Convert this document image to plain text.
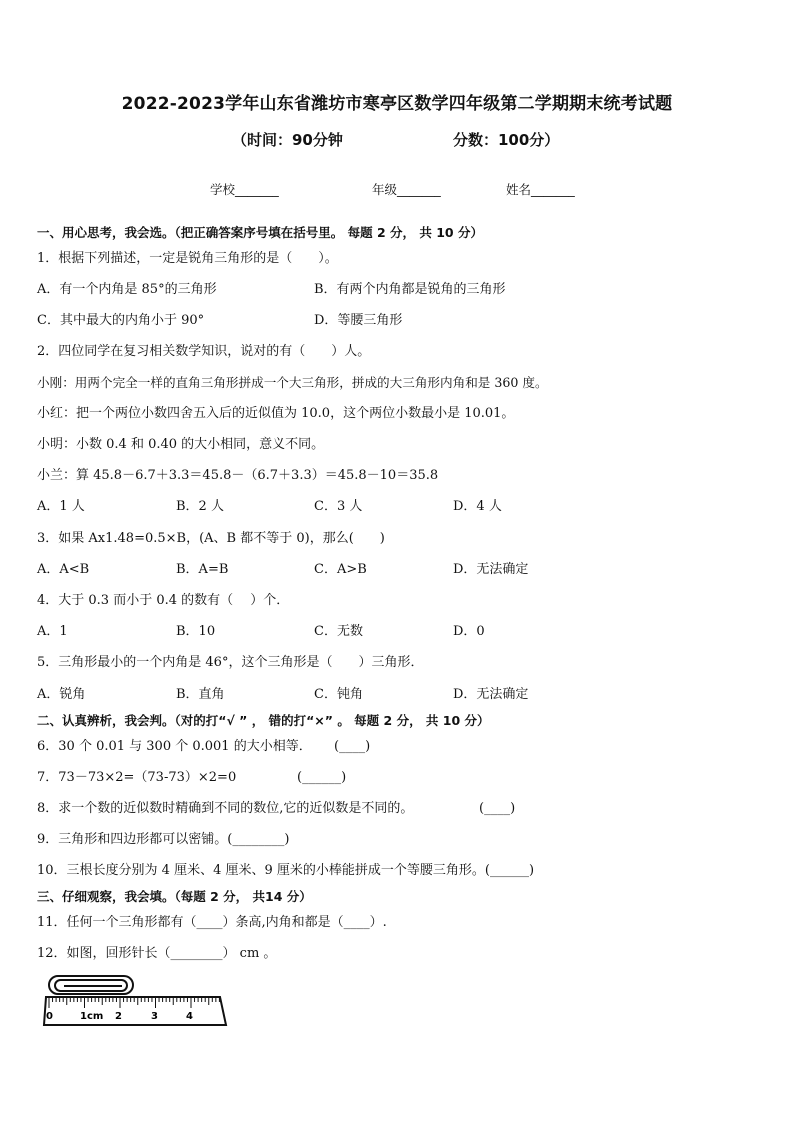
2022-2023学年山东省潍坊市寒亭区数学四年级第二学期期末统考试题
（时间：90分钟	分数：100分）
学校_______	年级_______	姓名_______
一、用心思考，我会选。（把正确答案序号填在括号里。 每题 2 分， 共 10 分）
1．根据下列描述，一定是锐角三角形的是（　　）。
A．有一个内角是 85°的三角形	B．有两个内角都是锐角的三角形
C．其中最大的内角小于 90°	D．等腰三角形
2．四位同学在复习相关数学知识，说对的有（　　）人。
小刚：用两个完全一样的直角三角形拼成一个大三角形，拼成的大三角形内角和是 360 度。
小红：把一个两位小数四舍五入后的近似值为 10.0，这个两位小数最小是 10.01。
小明：小数 0.4 和 0.40 的大小相同，意义不同。
小兰：算 45.8－6.7＋3.3＝45.8－（6.7＋3.3）＝45.8－10＝35.8
A．1 人	B．2 人	C．3 人	D．4 人
3．如果 Ax1.48=0.5×B，(A、B 都不等于 0)，那么(　　)
A．A<B	B．A=B	C．A>B	D．无法确定
4．大于 0.3 而小于 0.4 的数有（　 ）个．
A．1	B．10	C．无数	D．0
5．三角形最小的一个内角是 46°，这个三角形是（　　）三角形．
A．锐角	B．直角	C．钝角	D．无法确定
二、认真辨析，我会判。（对的打“√ ” ， 错的打“×” 。 每题 2 分， 共 10 分）
6．30 个 0.01 与 300 个 0.001 的大小相等． (____)
7．73－73×2=（73-73）×2=0	(______)
8．求一个数的近似数时精确到不同的数位,它的近似数是不同的。	(____)
9．三角形和四边形都可以密铺。(________)
10．三根长度分别为 4 厘米、4 厘米、9 厘米的小棒能拼成一个等腰三角形。(______)
三、仔细观察，我会填。（每题 2 分， 共14 分）
11．任何一个三角形都有（____）条高,内角和都是（____）.
12．如图，回形针长（________） cm 。
0	1cm 2	3	4
